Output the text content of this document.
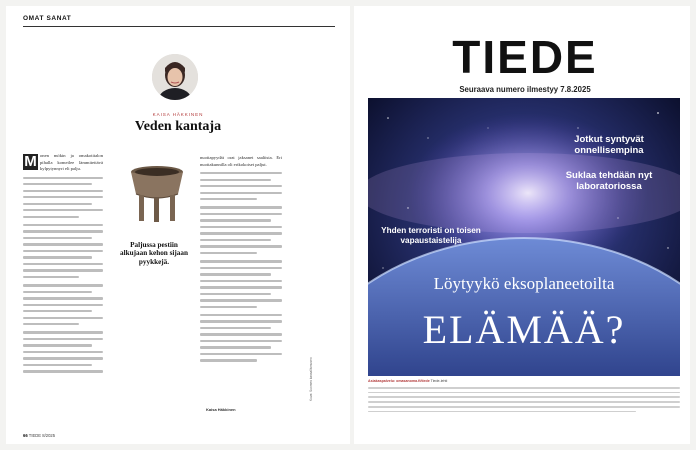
OMAT SANAT
KAISA HÄKKINEN
Veden kantaja
M onen mökin ja omakotitalon pihalla komeilee lämmitettävä kylpytynnyri eli palju.

Paljussa pestiin alkujaan kehon sijaan pyykkejä.

nuottapyydät orat jaksanet saaliista. Eri nuottakunnilla oli erikokoiset paljut.

Kaisa Häkkinen
Kuva: Suomen kansallismuseo
66 TIEDE 8/2025
TIEDE
Seuraava numero ilmestyy 7.8.2025
Jotkut syntyvät onnellisempina
Suklaa tehdään nyt laboratoriossa
Yhden terroristi on toisen vapaustaistelija
Löytyykö eksoplaneetoilta
ELÄMÄÄ?
Asiakaspalvelu: omasanoma.fi/tiede Tiede-lehti
